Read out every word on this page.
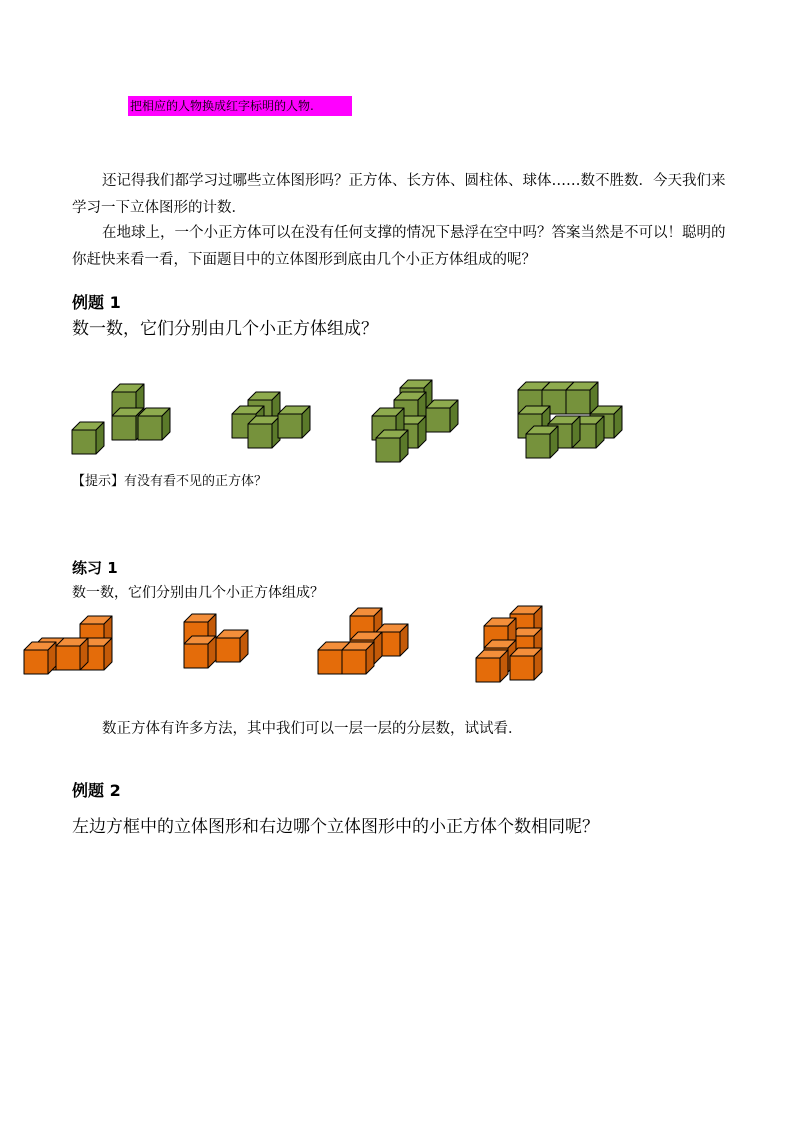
把相应的人物换成红字标明的人物.

还记得我们都学习过哪些立体图形吗？正方体、长方体、圆柱体、球体……数不胜数．今天我们来学习一下立体图形的计数．

在地球上，一个小正方体可以在没有任何支撑的情况下悬浮在空中吗？答案当然是不可以！聪明的你赶快来看一看，下面题目中的立体图形到底由几个小正方体组成的呢？

例题 1

数一数，它们分别由几个小正方体组成？

【提示】有没有看不见的正方体？

练习 1

数一数，它们分别由几个小正方体组成？

数正方体有许多方法，其中我们可以一层一层的分层数，试试看．

例题 2

左边方框中的立体图形和右边哪个立体图形中的小正方体个数相同呢？
